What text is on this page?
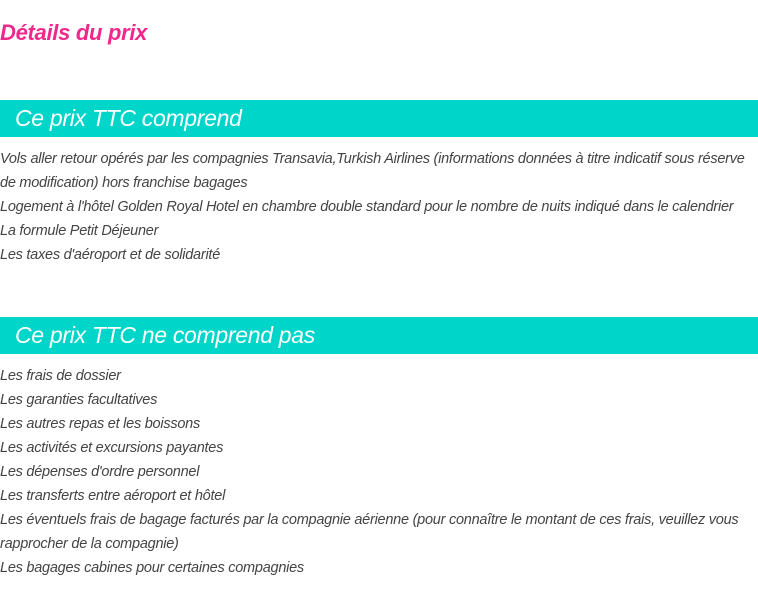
Détails du prix
Ce prix TTC comprend
Vols aller retour opérés par les compagnies Transavia,Turkish Airlines (informations données à titre indicatif sous réserve de modification) hors franchise bagages
Logement à l'hôtel Golden Royal Hotel en chambre double standard pour le nombre de nuits indiqué dans le calendrier
La formule Petit Déjeuner
Les taxes d'aéroport et de solidarité
Ce prix TTC ne comprend pas
Les frais de dossier
Les garanties facultatives
Les autres repas et les boissons
Les activités et excursions payantes
Les dépenses d'ordre personnel
Les transferts entre aéroport et hôtel
Les éventuels frais de bagage facturés par la compagnie aérienne (pour connaître le montant de ces frais, veuillez vous rapprocher de la compagnie)
Les bagages cabines pour certaines compagnies
